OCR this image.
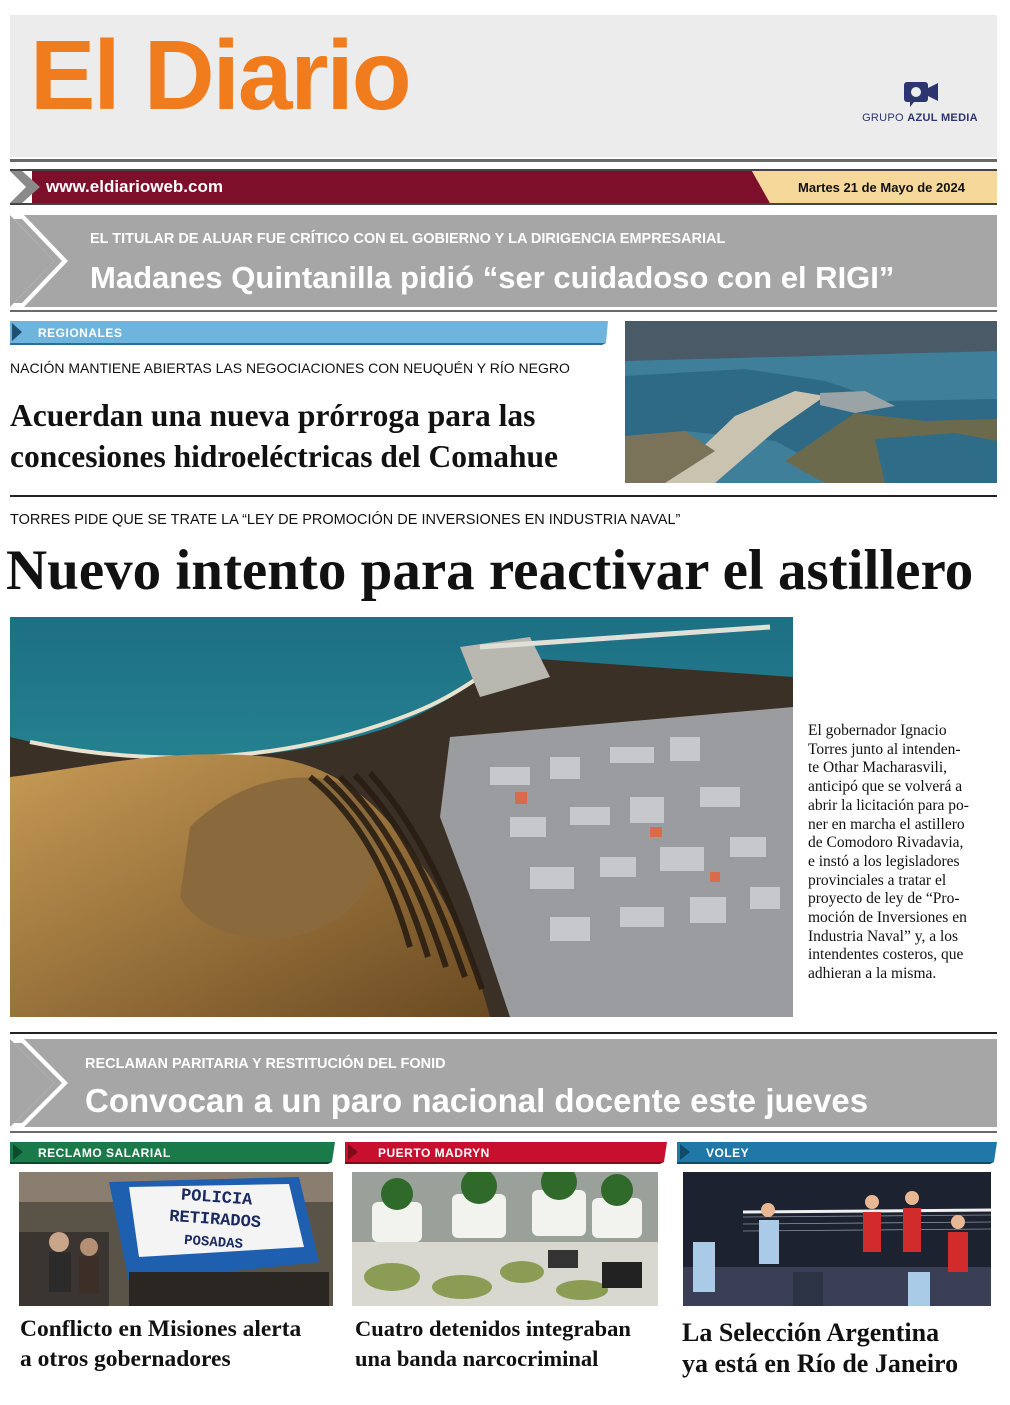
El Diario	GRUPO AZUL MEDIA
www.eldiarioweb.com	Martes 21 de Mayo de 2024
EL TITULAR DE ALUAR FUE CRÍTICO CON EL GOBIERNO Y LA DIRIGENCIA EMPRESARIAL
Madanes Quintanilla pidió “ser cuidadoso con el RIGI”
REGIONALES
NACIÓN MANTIENE ABIERTAS LAS NEGOCIACIONES CON NEUQUÉN Y RÍO NEGRO
Acuerdan una nueva prórroga para las
concesiones hidroeléctricas del Comahue
TORRES PIDE QUE SE TRATE LA “LEY DE PROMOCIÓN DE INVERSIONES EN INDUSTRIA NAVAL”
Nuevo intento para reactivar el astillero
El gobernador Ignacio
Torres junto al intenden-
te Othar Macharasvili,
anticipó que se volverá a
abrir la licitación para po-
ner en marcha el astillero
de Comodoro Rivadavia,
e instó a los legisladores
provinciales a tratar el
proyecto de ley de “Pro-
moción de Inversiones en
Industria Naval” y, a los
intendentes costeros, que
adhieran a la misma.
RECLAMAN PARITARIA Y RESTITUCIÓN DEL FONID
Convocan a un paro nacional docente este jueves
RECLAMO SALARIAL
POLICIA
RETIRADOS
POSADAS
Conflicto en Misiones alerta
a otros gobernadores
PUERTO MADRYN
Cuatro detenidos integraban
una banda narcocriminal
VOLEY
La Selección Argentina
ya está en Río de Janeiro
